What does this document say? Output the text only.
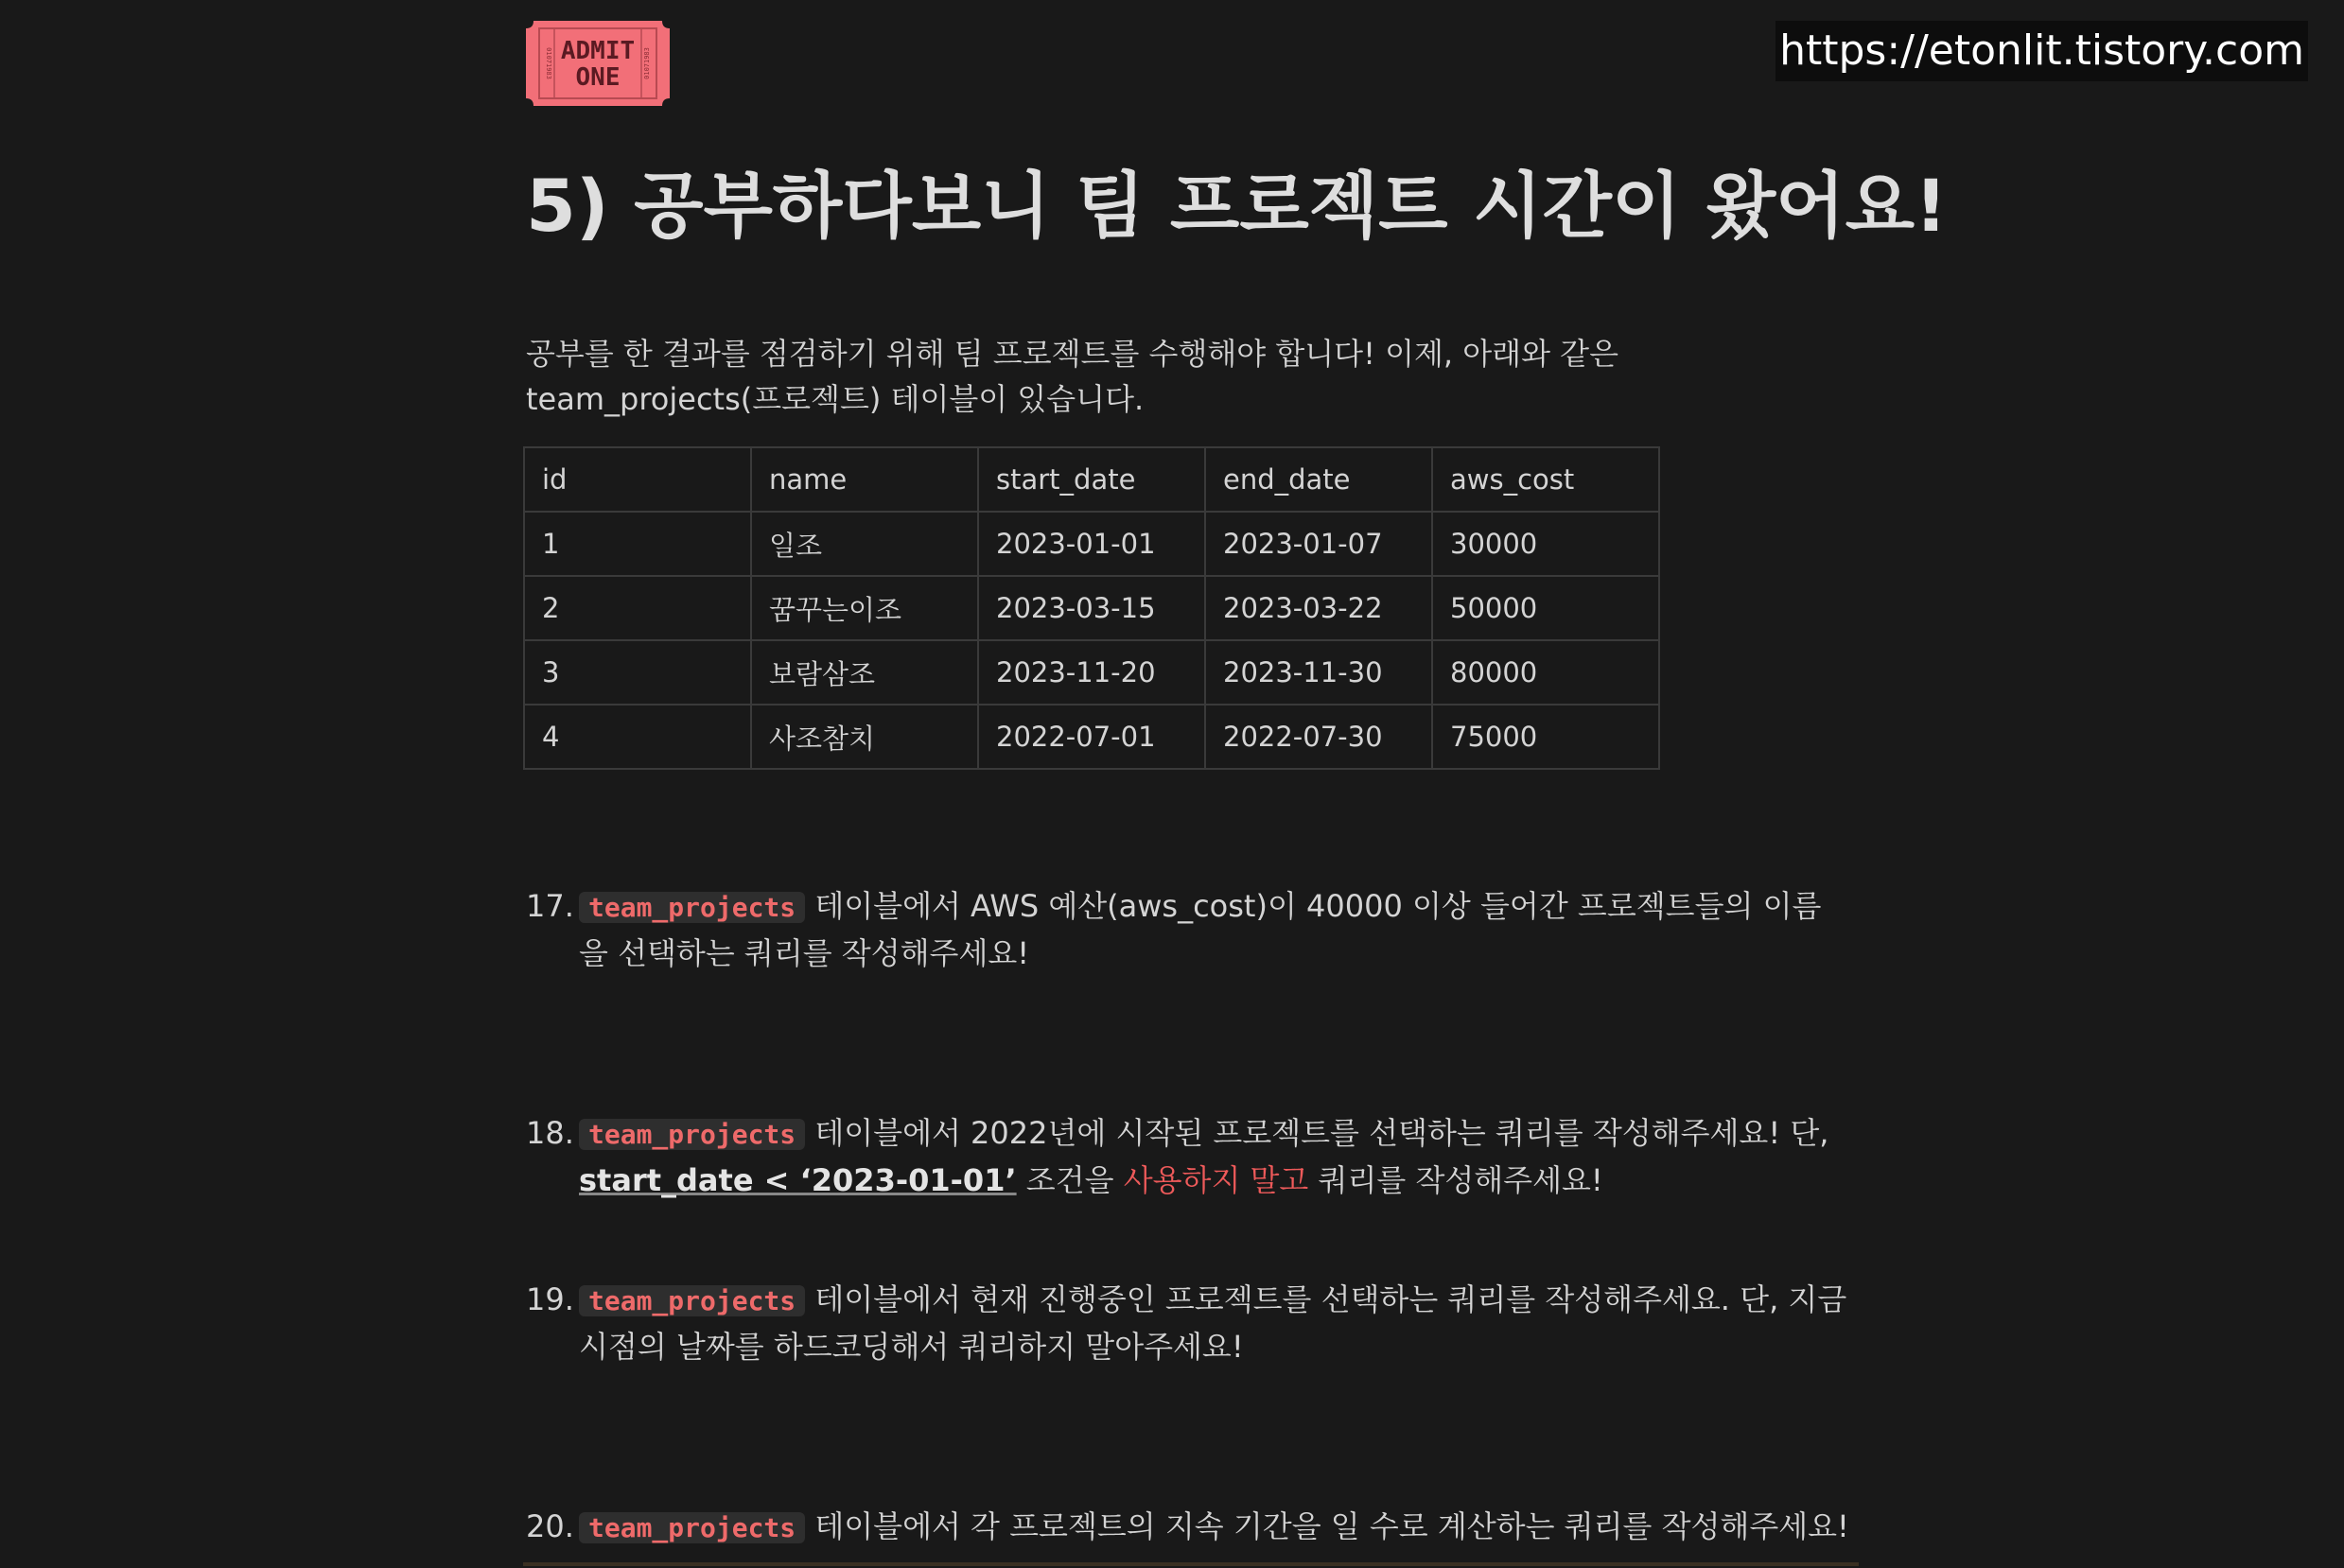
https://etonlit.tistory.com
01071983	01071983
ADMIT
ONE
5) 공부하다보니 팀 프로젝트 시간이 왔어요!
공부를 한 결과를 점검하기 위해 팀 프로젝트를 수행해야 합니다! 이제, 아래와 같은 team_projects(프로젝트) 테이블이 있습니다.
id	name	start_date	end_date	aws_cost
1	일조	2023-01-01	2023-01-07	30000
2	꿈꾸는이조	2023-03-15	2023-03-22	50000
3	보람삼조	2023-11-20	2023-11-30	80000
4	사조참치	2022-07-01	2022-07-30	75000
17. team_projects 테이블에서 AWS 예산(aws_cost)이 40000 이상 들어간 프로젝트들의 이름을 선택하는 쿼리를 작성해주세요!
18. team_projects 테이블에서 2022년에 시작된 프로젝트를 선택하는 쿼리를 작성해주세요! 단,
start_date < ‘2023-01-01’ 조건을 사용하지 말고 쿼리를 작성해주세요!
19. team_projects 테이블에서 현재 진행중인 프로젝트를 선택하는 쿼리를 작성해주세요. 단, 지금 시점의 날짜를 하드코딩해서 쿼리하지 말아주세요!
20. team_projects 테이블에서 각 프로젝트의 지속 기간을 일 수로 계산하는 쿼리를 작성해주세요!
